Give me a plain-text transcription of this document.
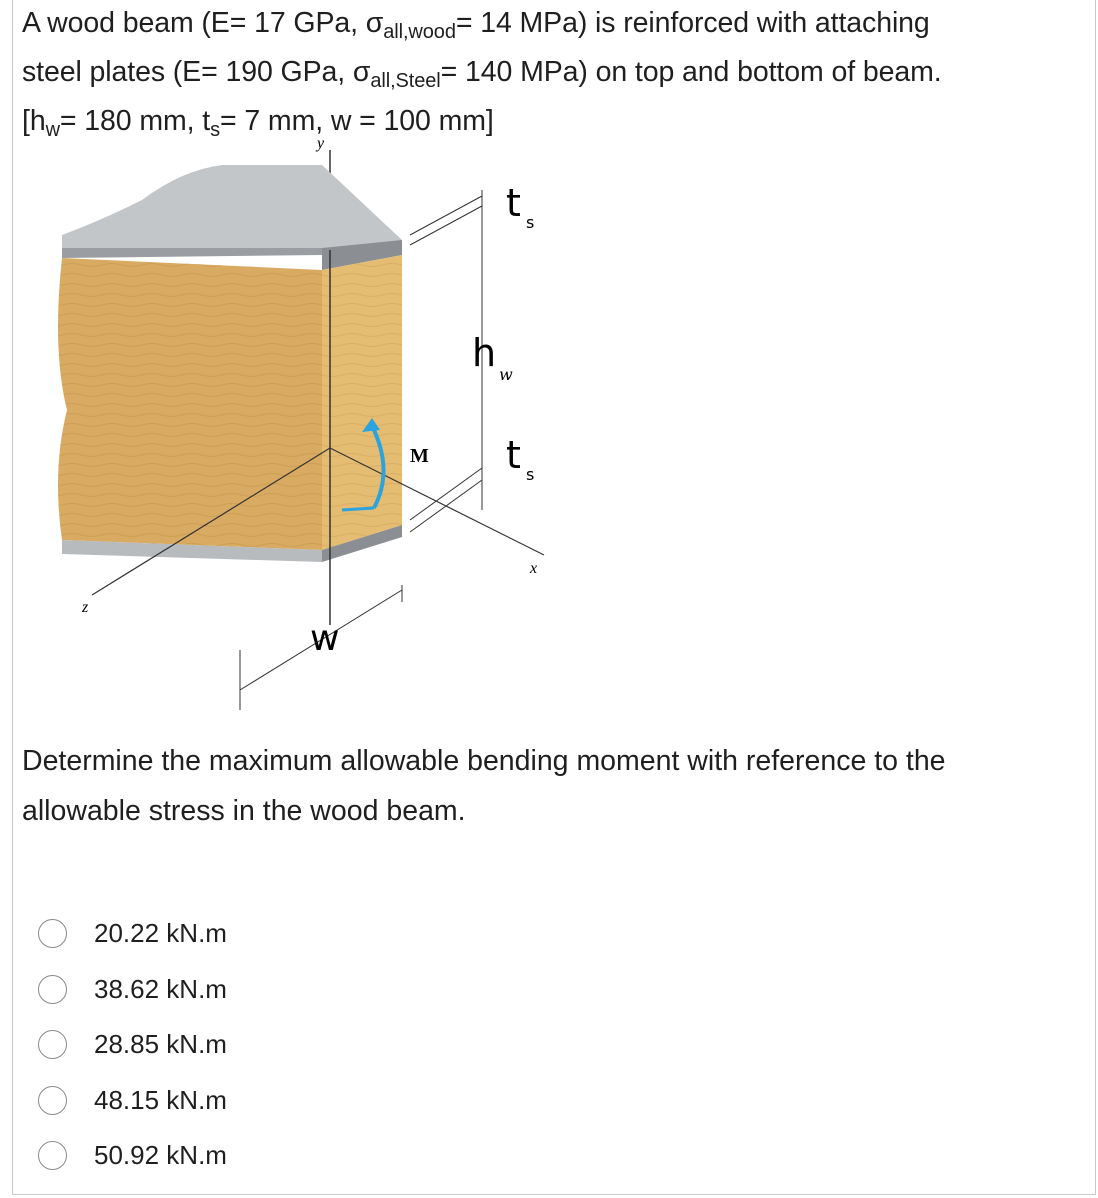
A wood beam (E= 17 GPa, $\sigma_{all,wood}= 14$ MPa) is reinforced with attaching

steel plates (E= 190 GPa, $\sigma_{all,Steel}= 140$ MPa) on top and bottom of beam.

[$h_w= 180$ mm, $t_s= 7$ mm, w = 100 mm]

y
x
z
t s
h w
t s
M
w

Determine the maximum allowable bending moment with reference to the

allowable stress in the wood beam.

20.22 kN.m
38.62 kN.m
28.85 kN.m
48.15 kN.m
50.92 kN.m
